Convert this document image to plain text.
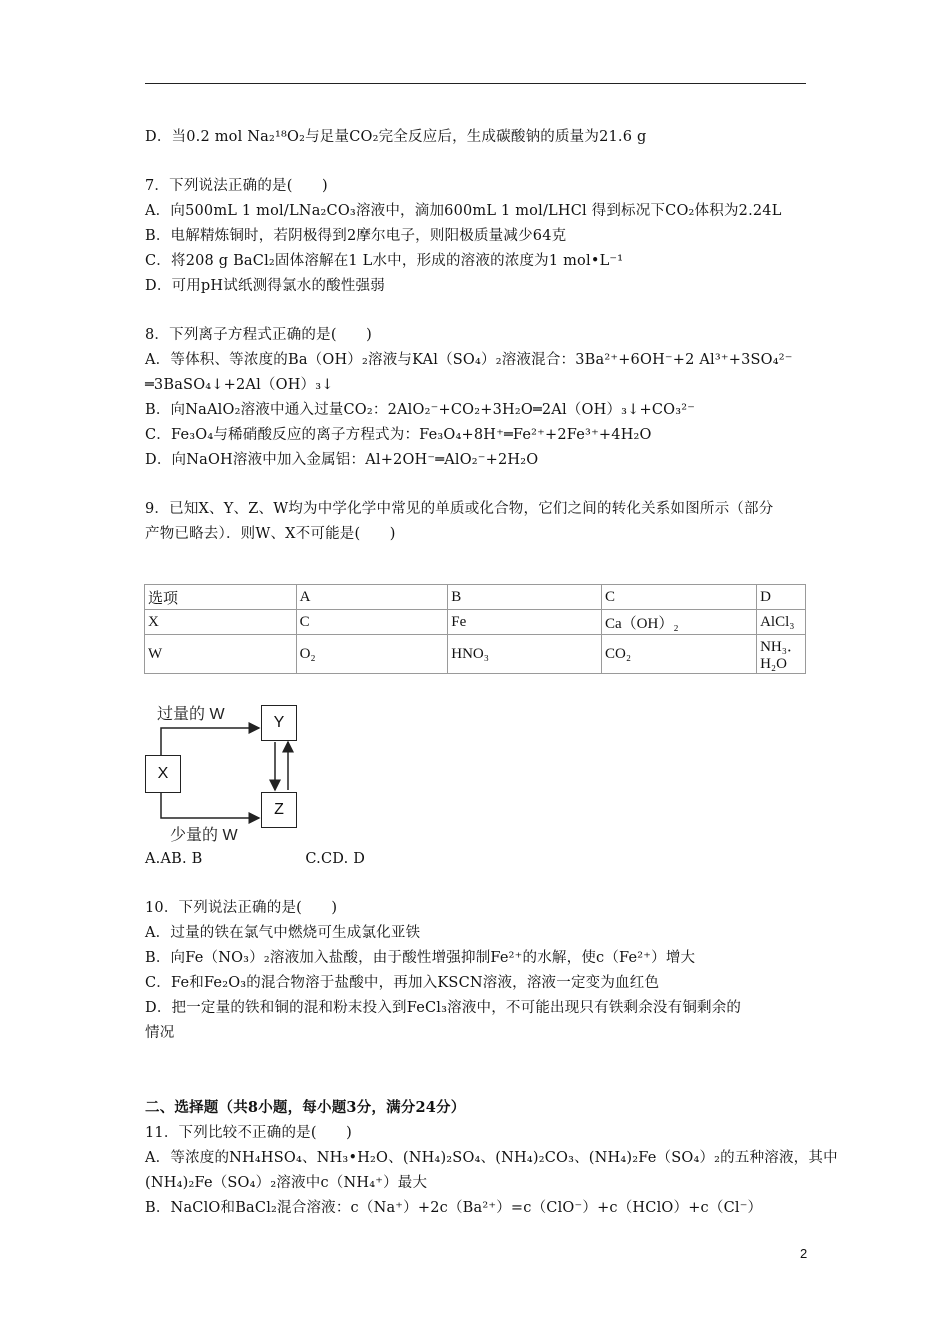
D．当0.2 mol Na₂¹⁸O₂与足量CO₂完全反应后，生成碳酸钠的质量为21.6 g
7．下列说法正确的是(　　)
A．向500mL 1 mol/LNa₂CO₃溶液中，滴加600mL 1 mol/LHCl 得到标况下CO₂体积为2.24L
B．电解精炼铜时，若阴极得到2摩尔电子，则阳极质量减少64克
C．将208 g BaCl₂固体溶解在1 L水中，形成的溶液的浓度为1 mol•L⁻¹
D．可用pH试纸测得氯水的酸性强弱
8．下列离子方程式正确的是(　　)
A．等体积、等浓度的Ba（OH）₂溶液与KAl（SO₄）₂溶液混合：3Ba²⁺+6OH⁻+2 Al³⁺+3SO₄²⁻
═3BaSO₄↓+2Al（OH）₃↓
B．向NaAlO₂溶液中通入过量CO₂：2AlO₂⁻+CO₂+3H₂O═2Al（OH）₃↓+CO₃²⁻
C．Fe₃O₄与稀硝酸反应的离子方程式为：Fe₃O₄+8H⁺═Fe²⁺+2Fe³⁺+4H₂O
D．向NaOH溶液中加入金属铝：Al+2OH⁻═AlO₂⁻+2H₂O
9．已知X、Y、Z、W均为中学化学中常见的单质或化合物，它们之间的转化关系如图所示（部分
产物已略去）．则W、X不可能是(　　)
选项	A	B	C	D
X	C	Fe	Ca（OH）₂	AlCl₃
W	O₂	HNO₃	CO₂	NH₃．H₂O
Y
X
Z
过量的 W
少量的 W
A.AB. B　　　　　　　C.CD. D
10．下列说法正确的是(　　)
A．过量的铁在氯气中燃烧可生成氯化亚铁
B．向Fe（NO₃）₂溶液加入盐酸，由于酸性增强抑制Fe²⁺的水解，使c（Fe²⁺）增大
C．Fe和Fe₂O₃的混合物溶于盐酸中，再加入KSCN溶液，溶液一定变为血红色
D．把一定量的铁和铜的混和粉末投入到FeCl₃溶液中，不可能出现只有铁剩余没有铜剩余的
情况
二、选择题（共8小题，每小题3分，满分24分）
11．下列比较不正确的是(　　)
A．等浓度的NH₄HSO₄、NH₃•H₂O、(NH₄)₂SO₄、(NH₄)₂CO₃、(NH₄)₂Fe（SO₄）₂的五种溶液，其中
(NH₄)₂Fe（SO₄）₂溶液中c（NH₄⁺）最大
B．NaClO和BaCl₂混合溶液：c（Na⁺）+2c（Ba²⁺）=c（ClO⁻）+c（HClO）+c（Cl⁻）
2
